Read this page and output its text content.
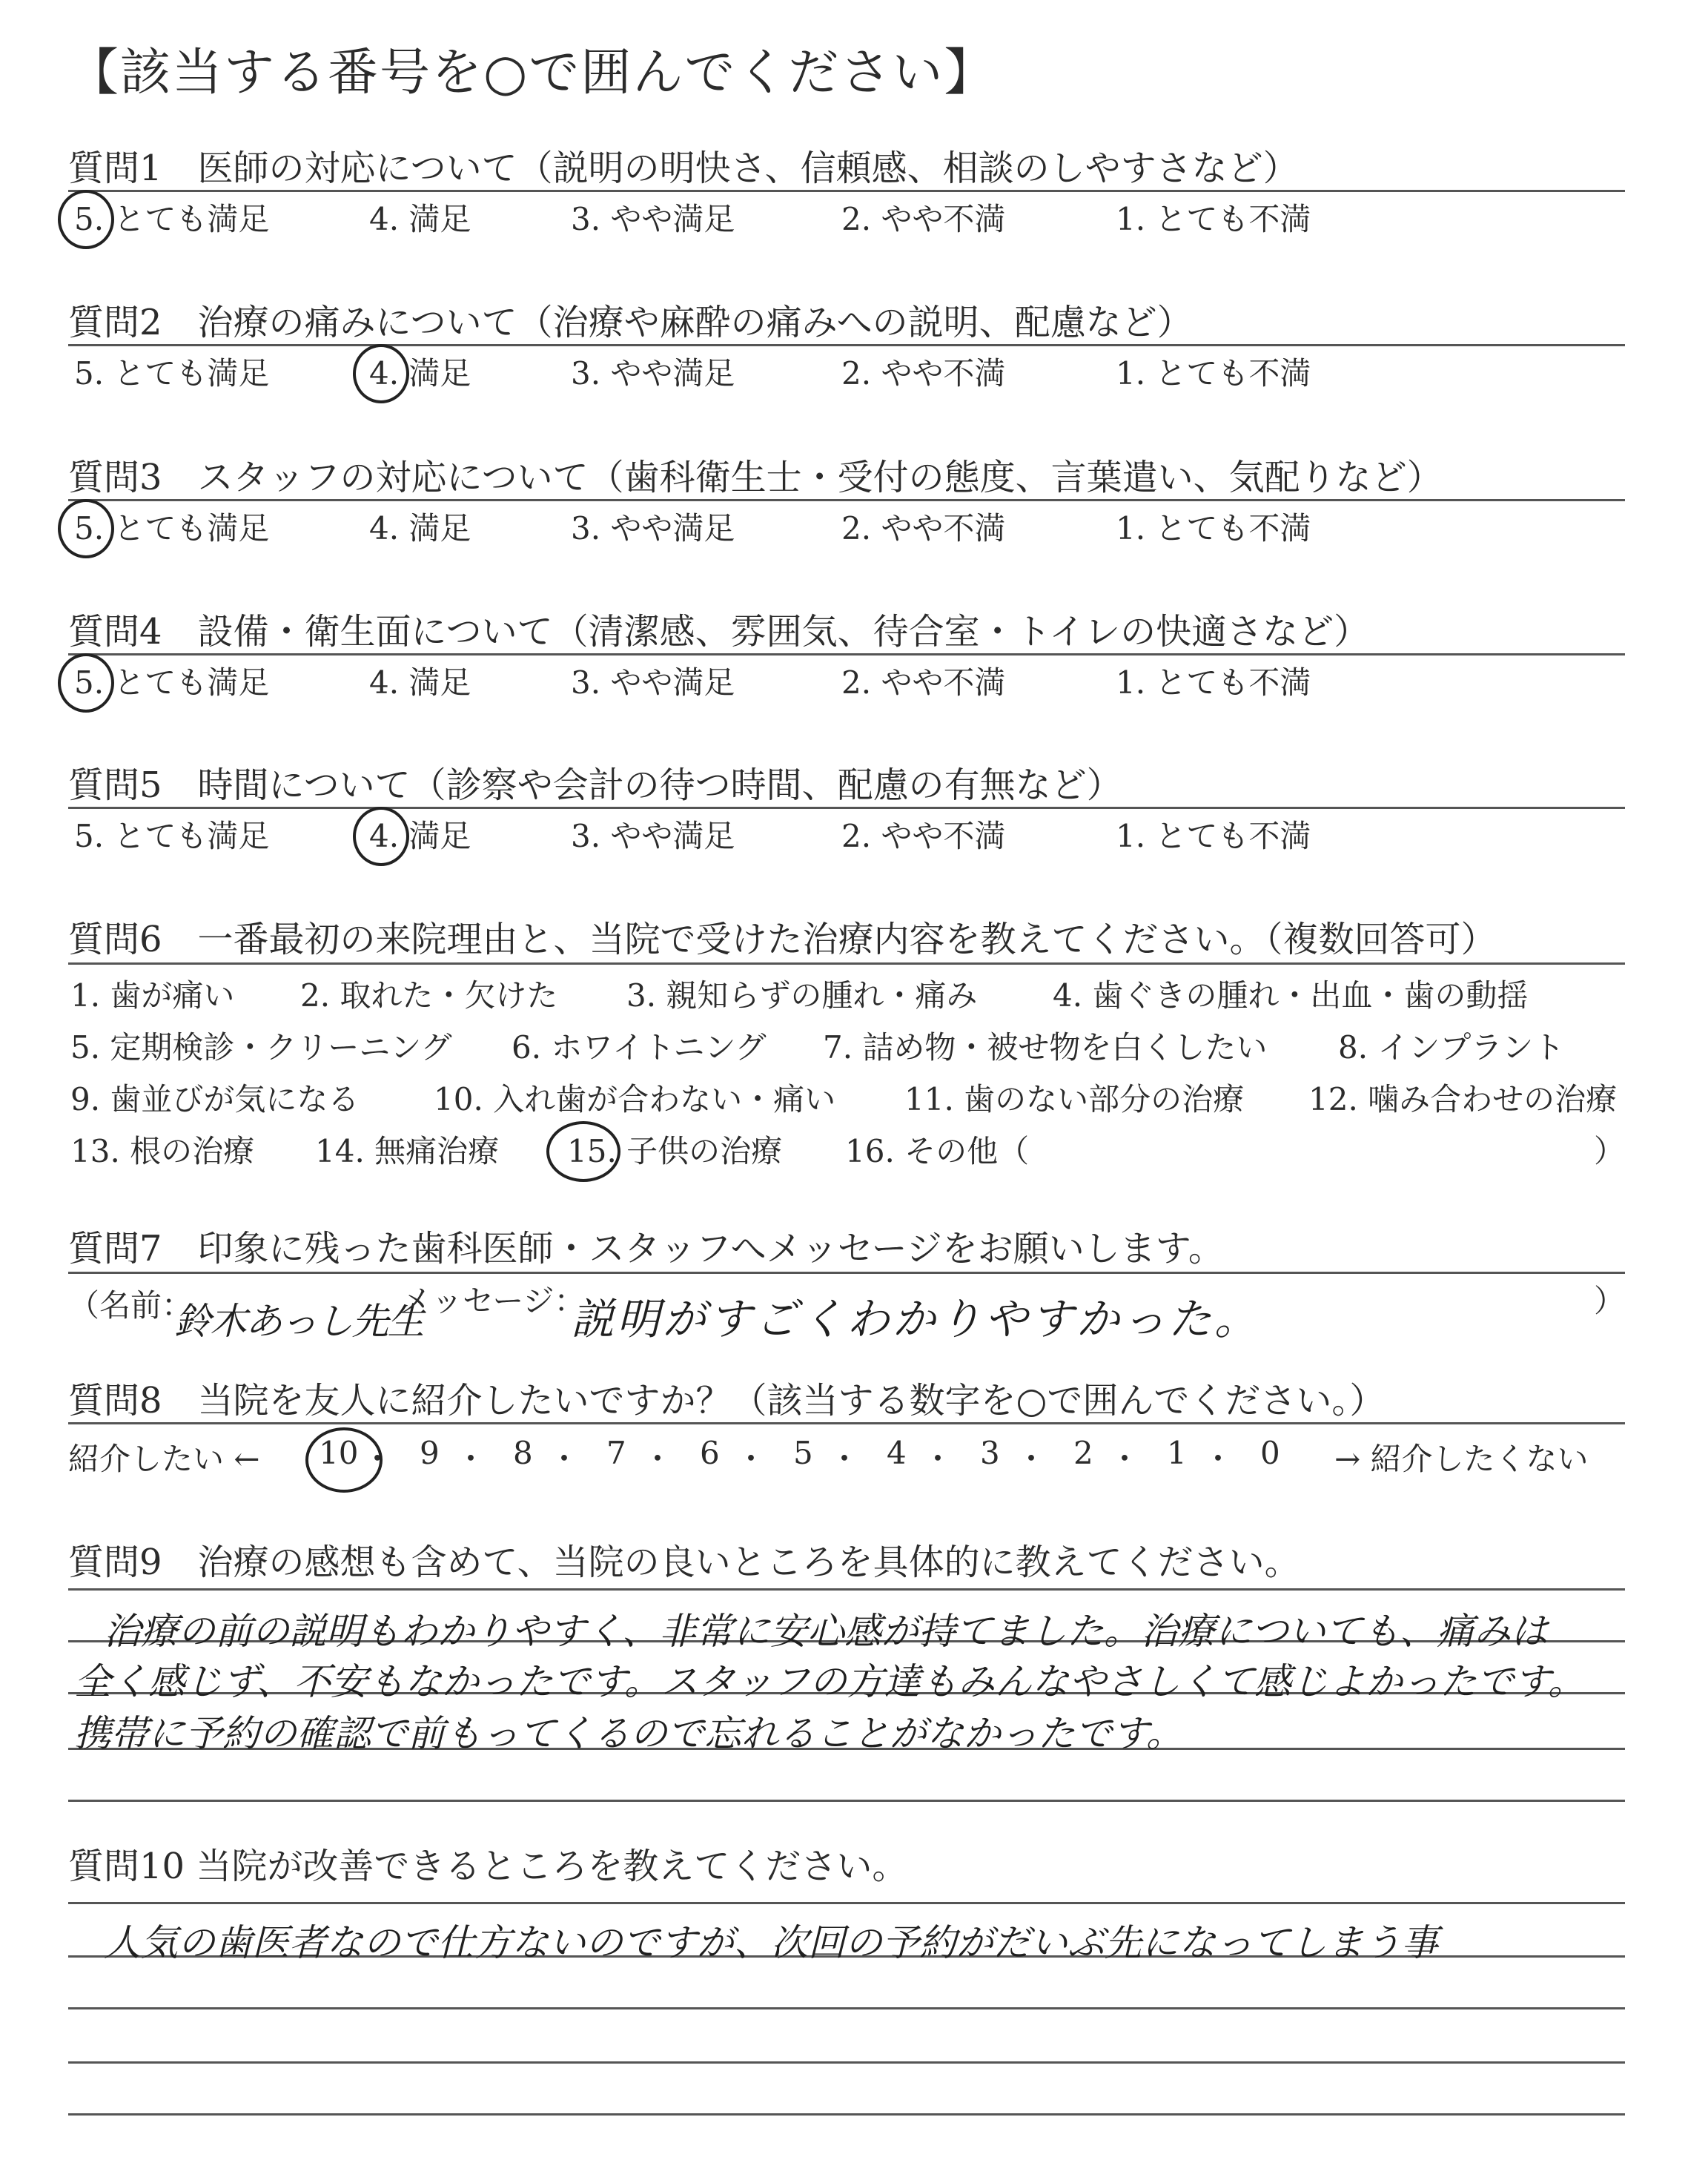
【該当する番号を○で囲んでください】
質問1　医師の対応について（説明の明快さ、信頼感、相談のしやすさなど）
5. とても満足	4. 満足	3. やや満足	2. やや不満	1. とても不満
質問2　治療の痛みについて（治療や麻酔の痛みへの説明、配慮など）
5. とても満足	4. 満足	3. やや満足	2. やや不満	1. とても不満
質問3　スタッフの対応について（歯科衛生士・受付の態度、言葉遣い、気配りなど）
5. とても満足	4. 満足	3. やや満足	2. やや不満	1. とても不満
質問4　設備・衛生面について（清潔感、雰囲気、待合室・トイレの快適さなど）
5. とても満足	4. 満足	3. やや満足	2. やや不満	1. とても不満
質問5　時間について（診察や会計の待つ時間、配慮の有無など）
5. とても満足	4. 満足	3. やや満足	2. やや不満	1. とても不満
質問6　一番最初の来院理由と、当院で受けた治療内容を教えてください。（複数回答可）
1. 歯が痛い 2. 取れた・欠けた 3. 親知らずの腫れ・痛み 4. 歯ぐきの腫れ・出血・歯の動揺
5. 定期検診・クリーニング 6. ホワイトニング 7. 詰め物・被せ物を白くしたい 8. インプラント
9. 歯並びが気になる 10. 入れ歯が合わない・痛い 11. 歯のない部分の治療 12. 噛み合わせの治療
13. 根の治療 14. 無痛治療 15. 子供の治療 16. その他（	）
質問7　印象に残った歯科医師・スタッフへメッセージをお願いします。
（名前：
鈴木あっし先生
メッセージ：
説明がすごくわかりやすかった。	）
質問8　当院を友人に紹介したいですか？（該当する数字を○で囲んでください。）
紹介したい ← 10 ・ 9 ・ 8 ・ 7 ・ 6 ・ 5 ・ 4 ・ 3 ・ 2 ・ 1 ・ 0 → 紹介したくない
質問9　治療の感想も含めて、当院の良いところを具体的に教えてください。
治療の前の説明もわかりやすく、非常に安心感が持てました。治療についても、痛みは
全く感じず、不安もなかったです。スタッフの方達もみんなやさしくて感じよかったです。
携帯に予約の確認で前もってくるので忘れることがなかったです。
質問10 当院が改善できるところを教えてください。
人気の歯医者なので仕方ないのですが、次回の予約がだいぶ先になってしまう事
